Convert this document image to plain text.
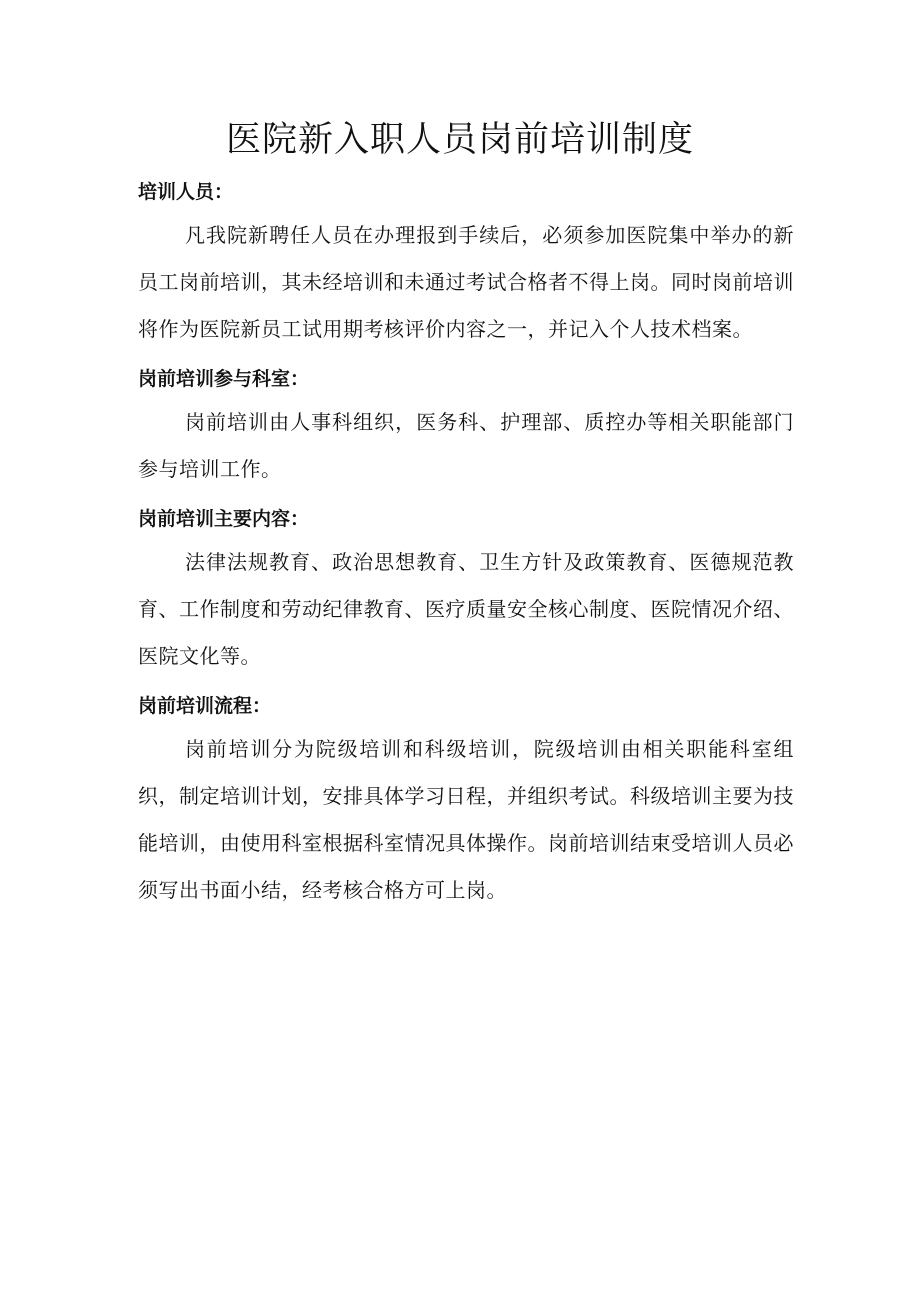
医院新入职人员岗前培训制度

培训人员：

凡我院新聘任人员在办理报到手续后，必须参加医院集中举办的新员工岗前培训，其未经培训和未通过考试合格者不得上岗。同时岗前培训将作为医院新员工试用期考核评价内容之一，并记入个人技术档案。

岗前培训参与科室：

岗前培训由人事科组织，医务科、护理部、质控办等相关职能部门参与培训工作。

岗前培训主要内容：

法律法规教育、政治思想教育、卫生方针及政策教育、医德规范教育、工作制度和劳动纪律教育、医疗质量安全核心制度、医院情况介绍、医院文化等。

岗前培训流程：

岗前培训分为院级培训和科级培训，院级培训由相关职能科室组织，制定培训计划，安排具体学习日程，并组织考试。科级培训主要为技能培训，由使用科室根据科室情况具体操作。岗前培训结束受培训人员必须写出书面小结，经考核合格方可上岗。
